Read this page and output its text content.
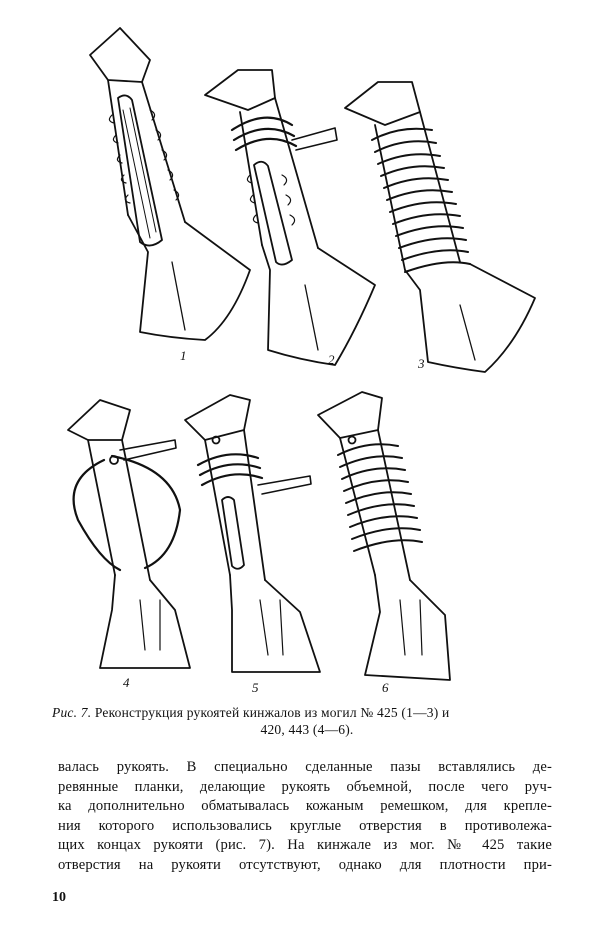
1	2	3
4	5	6
Рис. 7. Реконструкция рукоятей кинжалов из могил № 425 (1—3) и
420, 443 (4—6).
валась рукоять. В специально сделанные пазы вставлялись де-
ревянные планки, делающие рукоять объемной, после чего руч-
ка дополнительно обматывалась кожаным ремешком, для крепле-
ния которого использовались круглые отверстия в противолежа-
щих концах рукояти (рис. 7). На кинжале из мог. № 425 такие
отверстия на рукояти отсутствуют, однако для плотности при-
10
